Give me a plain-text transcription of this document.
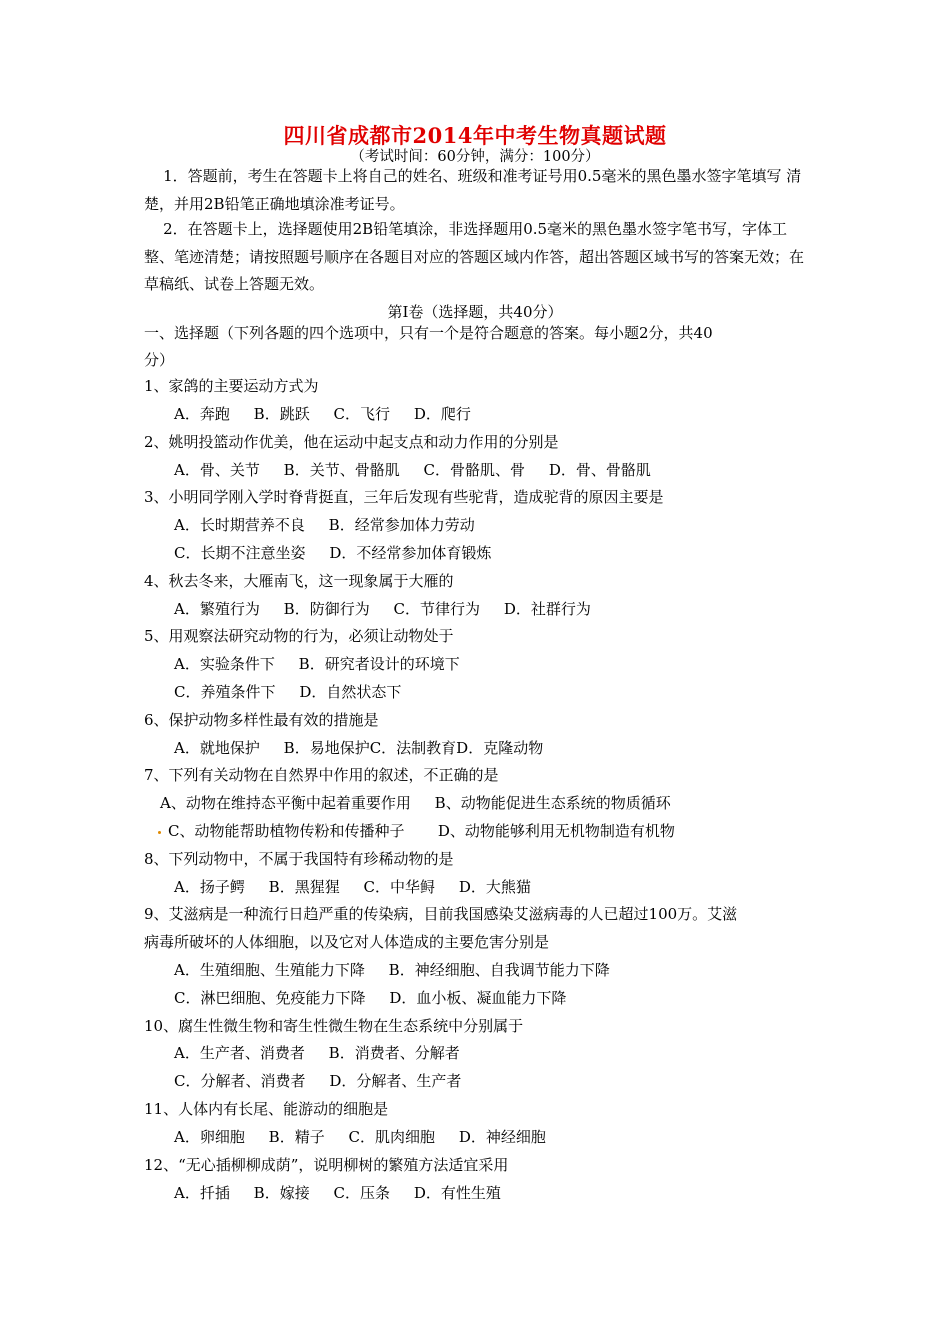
四川省成都市2014年中考生物真题试题
（考试时间：60分钟，满分：100分）
1．答题前，考生在答题卡上将自己的姓名、班级和准考证号用0.5毫米的黑色墨水签字笔填写 清楚，并用2B铅笔正确地填涂准考证号。
2．在答题卡上，选择题使用2B铅笔填涂，非选择题用0.5毫米的黑色墨水签字笔书写，字体工 整、笔迹清楚；请按照题号顺序在各题目对应的答题区域内作答，超出答题区域书写的答案无效；在草稿纸、试卷上答题无效。
第Ⅰ卷（选择题，共40分）
一、选择题（下列各题的四个选项中，只有一个是符合题意的答案。每小题2分，共40
分）
1、家鸽的主要运动方式为
A．奔跑     B．跳跃     C．飞行     D．爬行
2、姚明投篮动作优美，他在运动中起支点和动力作用的分别是
A．骨、关节     B．关节、骨骼肌     C．骨骼肌、骨     D．骨、骨骼肌
3、小明同学刚入学时脊背挺直，三年后发现有些驼背，造成驼背的原因主要是
A．长时期营养不良     B．经常参加体力劳动
C．长期不注意坐姿     D．不经常参加体育锻炼
4、秋去冬来，大雁南飞，这一现象属于大雁的
A．繁殖行为     B．防御行为     C．节律行为     D．社群行为
5、用观察法研究动物的行为，必须让动物处于
A．实验条件下     B．研究者设计的环境下
C．养殖条件下     D．自然状态下
6、保护动物多样性最有效的措施是
A．就地保护     B．易地保护C．法制教育D．克隆动物
7、下列有关动物在自然界中作用的叙述，不正确的是
A、动物在维持态平衡中起着重要作用     B、动物能促进生态系统的物质循环
C、动物能帮助植物传粉和传播种子       D、动物能够利用无机物制造有机物
8、下列动物中，不属于我国特有珍稀动物的是
A．扬子鳄     B．黑猩猩     C．中华鲟     D．大熊猫
9、艾滋病是一种流行日趋严重的传染病，目前我国感染艾滋病毒的人已超过100万。艾滋
病毒所破坏的人体细胞，以及它对人体造成的主要危害分别是
A．生殖细胞、生殖能力下降     B．神经细胞、自我调节能力下降
C．淋巴细胞、免疫能力下降     D．血小板、凝血能力下降
10、腐生性微生物和寄生性微生物在生态系统中分别属于
A．生产者、消费者     B．消费者、分解者
C．分解者、消费者     D．分解者、生产者
11、人体内有长尾、能游动的细胞是
A．卵细胞     B．精子     C．肌肉细胞     D．神经细胞
12、“无心插柳柳成荫”，说明柳树的繁殖方法适宜采用
A．扦插     B．嫁接     C．压条     D．有性生殖
